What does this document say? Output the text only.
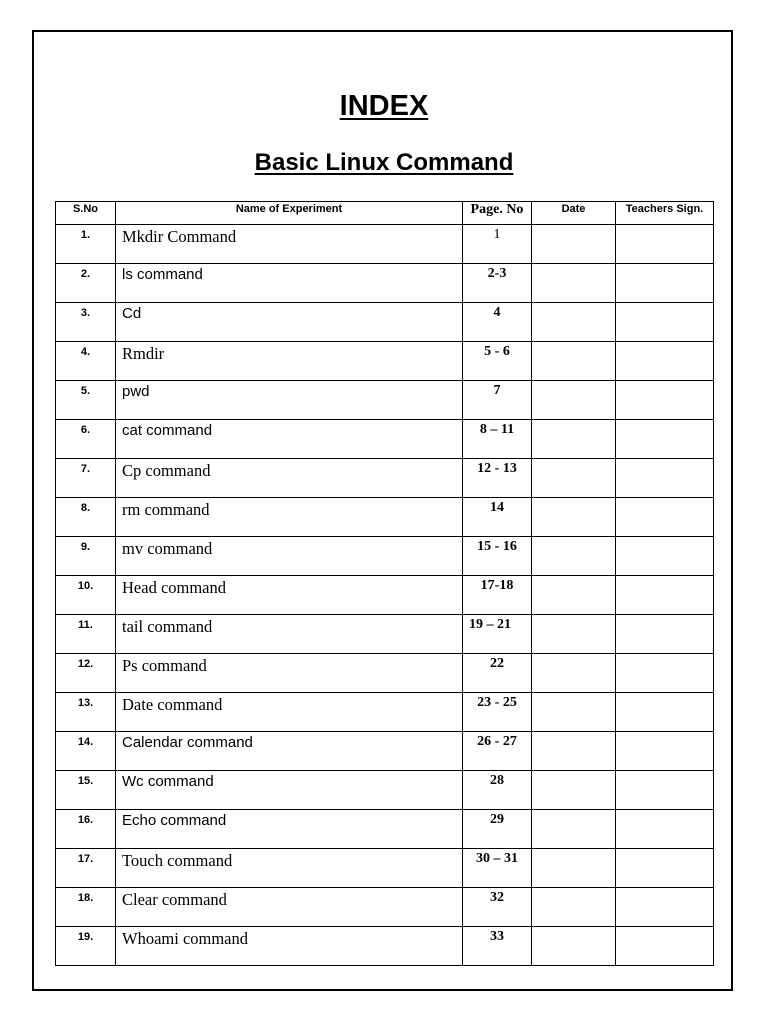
INDEX
Basic Linux Command
S.No	Name of Experiment	Page. No	Date	Teachers Sign.
1.	Mkdir Command	1		
2.	ls command	2-3		
3.	Cd	4		
4.	Rmdir	5 - 6		
5.	pwd	7		
6.	cat command	8 – 11		
7.	Cp command	12 - 13		
8.	rm command	14		
9.	mv command	15 - 16		
10.	Head command	17-18		
11.	tail command	19 – 21		
12.	Ps command	22		
13.	Date command	23 - 25		
14.	Calendar command	26 - 27		
15.	Wc command	28		
16.	Echo command	29		
17.	Touch command	30 – 31		
18.	Clear command	32		
19.	Whoami command	33		
